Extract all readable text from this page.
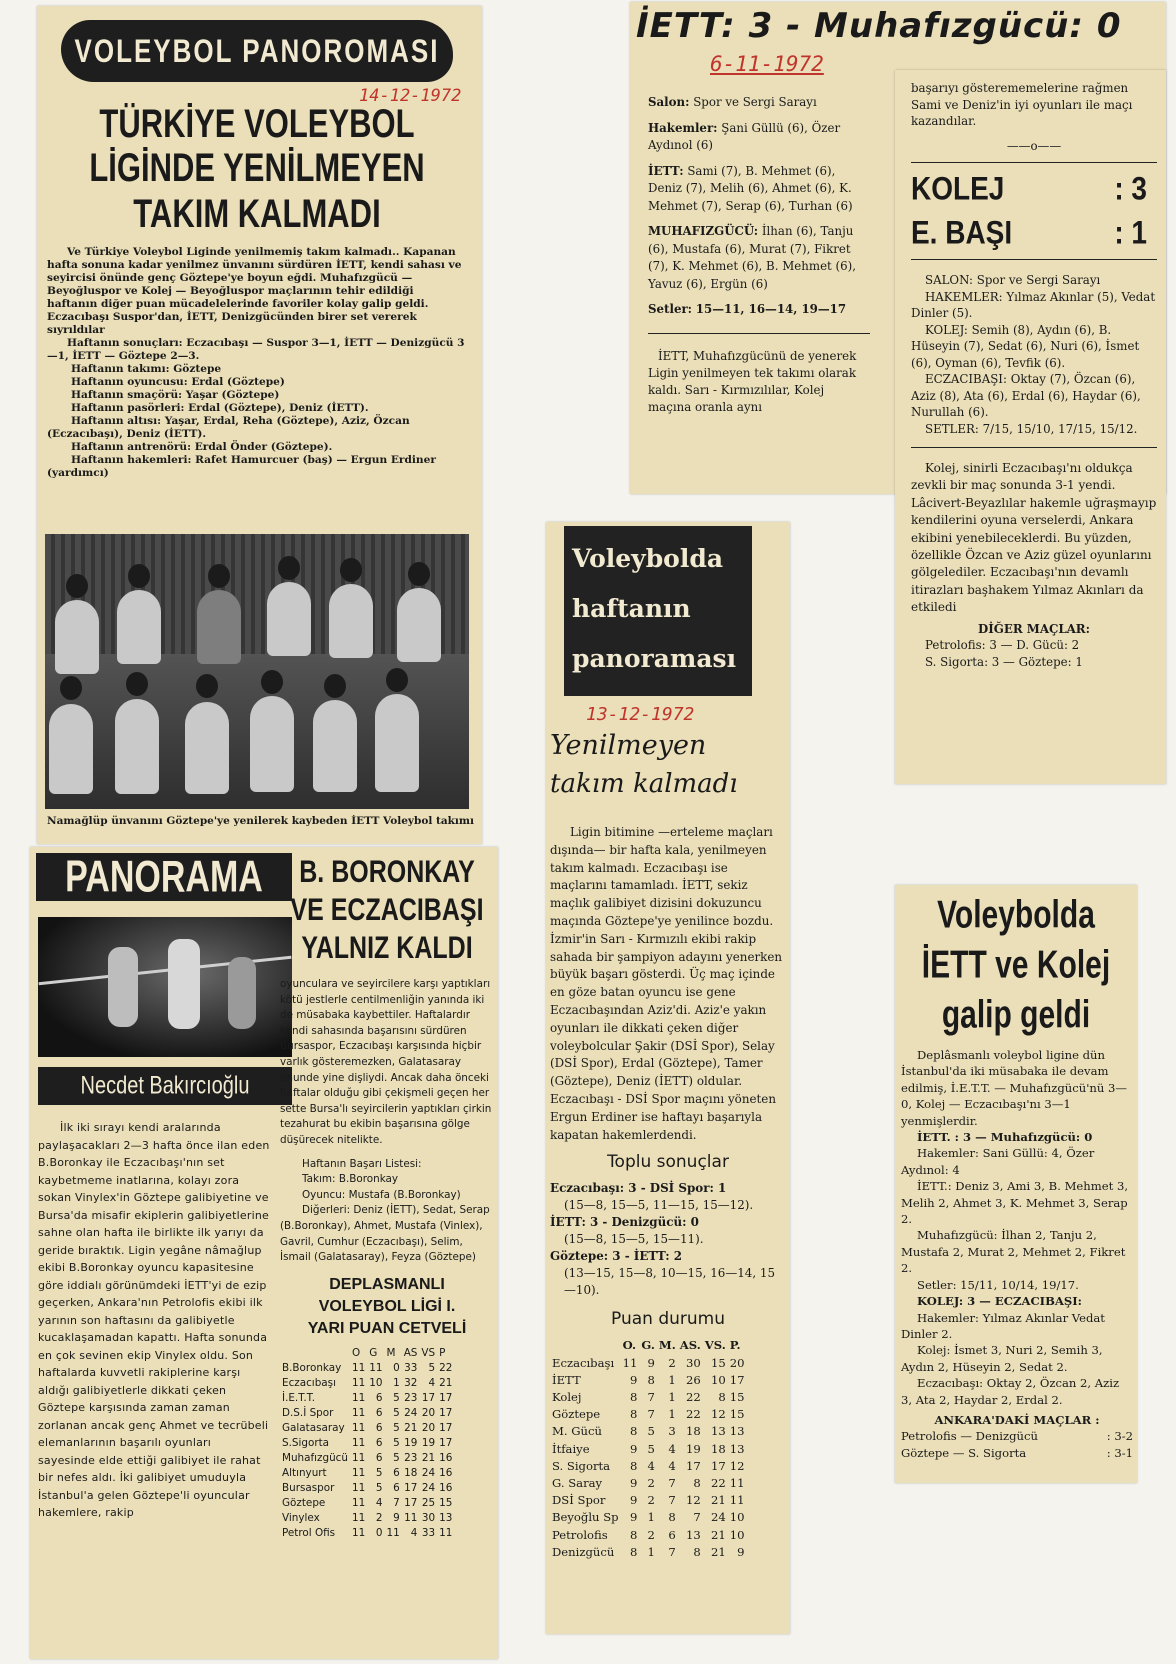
VOLEYBOL PANOROMASI
14-12-1972
TÜRKİYE VOLEYBOL
LİGİNDE YENİLMEYEN
TAKIM KALMADI

Ve Türkiye Voleybol Liginde yenilmemiş takım kalmadı.. Kapanan hafta sonuna kadar yenilmez ünvanını sürdüren İETT, kendi sahası ve seyircisi önünde genç Göztepe'ye boyun eğdi. Muhafızgücü — Beyoğluspor ve Kolej — Beyoğluspor maçlarının tehir edildiği haftanın diğer puan mücadelelerinde favoriler kolay galip geldi. Eczacıbaşı Suspor'dan, İETT, Denizgücünden birer set vererek sıyrıldılar

Haftanın sonuçları: Eczacıbaşı — Suspor 3—1, İETT — Denizgücü 3—1, İETT — Göztepe 2—3.

Haftanın takımı: Göztepe
Haftanın oyuncusu: Erdal (Göztepe)
Haftanın smaçörü: Yaşar (Göztepe)
Haftanın pasörleri: Erdal (Göztepe), Deniz (İETT).
Haftanın altısı: Yaşar, Erdal, Reha (Göztepe), Aziz, Özcan (Eczacıbaşı), Deniz (İETT).
Haftanın antrenörü: Erdal Önder (Göztepe).
Haftanın hakemleri: Rafet Hamurcuer (baş) — Ergun Erdiner (yardımcı)
Namağlüp ünvanını Göztepe'ye yenilerek kaybeden İETT Voleybol takımı
İETT: 3 - Muhafızgücü: 0
6-11-1972
Salon: Spor ve Sergi Sarayı
Hakemler: Şani Güllü (6), Özer Aydınol (6)
İETT: Sami (7), B. Mehmet (6), Deniz (7), Melih (6), Ahmet (6), K. Mehmet (7), Serap (6), Turhan (6)
MUHAFIZGÜCÜ: İlhan (6), Tanju (6), Mustafa (6), Murat (7), Fikret (7), K. Mehmet (6), B. Mehmet (6), Yavuz (6), Ergün (6)
Setler: 15—11, 16—14, 19—17

İETT, Muhafızgücünü de yenerek Ligin yenilmeyen tek takımı olarak kaldı. Sarı - Kırmızılılar, Kolej maçına oranla aynı

başarıyı gösterememelerine rağmen Sami ve Deniz'in iyi oyunları ile maçı kazandılar.

——o——
KOLEJ	: 3
E. BAŞI	: 1
SALON: Spor ve Sergi Sarayı
HAKEMLER: Yılmaz Akınlar (5), Vedat Dinler (5).
KOLEJ: Semih (8), Aydın (6), B. Hüseyin (7), Sedat (6), Nuri (6), İsmet (6), Oyman (6), Tevfik (6).
ECZACIBAŞI: Oktay (7), Özcan (6), Aziz (8), Ata (6), Erdal (6), Haydar (6), Nurullah (6).
SETLER: 7/15, 15/10, 17/15, 15/12.

Kolej, sinirli Eczacıbaşı'nı oldukça zevkli bir maç sonunda 3-1 yendi. Lâcivert-Beyazlılar hakemle uğraşmayıp kendilerini oyuna verselerdi, Ankara ekibini yenebileceklerdi. Bu yüzden, özellikle Özcan ve Aziz güzel oyunlarını gölgelediler. Eczacıbaşı'nın devamlı itirazları başhakem Yılmaz Akınları da etkiledi

DİĞER MAÇLAR:
Petrolofis: 3 — D. Gücü: 2
S. Sigorta: 3 — Göztepe: 1
PANORAMA
Necdet Bakırcıoğlu

İlk iki sırayı kendi aralarında paylaşacakları 2—3 hafta önce ilan eden B.Boronkay ile Eczacıbaşı'nın set kaybetmeme inatlarına, kolayı zora sokan Vinylex'in Göztepe galibiyetine ve Bursa'da misafir ekiplerin galibiyetlerine sahne olan hafta ile birlikte ilk yarıyı da geride bıraktık. Ligin yegâne nâmağlup ekibi B.Boronkay oyuncu kapasitesine göre iddialı görünümdeki İETT'yi de ezip geçerken, Ankara'nın Petrolofis ekibi ilk yarının son haftasını da galibiyetle kucaklaşamadan kapattı. Hafta sonunda en çok sevinen ekip Vinylex oldu. Son haftalarda kuvvetli rakiplerine karşı aldığı galibiyetlerle dikkati çeken Göztepe karşısında zaman zaman zorlanan ancak genç Ahmet ve tecrübeli elemanlarının başarılı oyunları sayesinde elde ettiği galibiyet ile rahat bir nefes aldı. İki galibiyet umuduyla İstanbul'a gelen Göztepe'li oyuncular hakemlere, rakip

B. BORONKAY
VE ECZACIBAŞI
YALNIZ KALDI

oyunculara ve seyircilere karşı yaptıkları kötü jestlerle centilmenliğin yanında iki de müsabaka kaybettiler. Haftalardır kendi sahasında başarısını sürdüren Bursaspor, Eczacıbaşı karşısında hiçbir varlık gösteremezken, Galatasaray onunde yine dişliydi. Ancak daha önceki haftalar olduğu gibi çekişmeli geçen her sette Bursa'lı seyircilerin yaptıkları çirkin tezahurat bu ekibin başarısına gölge düşürecek nitelikte.

Haftanın Başarı Listesi:
Takım: B.Boronkay
Oyuncu: Mustafa (B.Boronkay)
Diğerleri: Deniz (İETT), Sedat, Serap (B.Boronkay), Ahmet, Mustafa (Vinlex), Gavril, Cumhur (Eczacıbaşı), Selim, İsmail (Galatasaray), Feyza (Göztepe)
DEPLASMANLI
VOLEYBOL LİGİ I.
YARI PUAN CETVELİ
	O	G	M	AS	VS	P
B.Boronkay	11	11	0	33	5	22
Eczacıbaşı	11	10	1	32	4	21
İ.E.T.T.	11	6	5	23	17	17
D.S.İ Spor	11	6	5	24	20	17
Galatasaray	11	6	5	21	20	17
S.Sigorta	11	6	5	19	19	17
Muhafızgücü	11	6	5	23	21	16
Altınyurt	11	5	6	18	24	16
Bursaspor	11	5	6	17	24	16
Göztepe	11	4	7	17	25	15
Vinylex	11	2	9	11	30	13
Petrol Ofis	11	0	11	4	33	11
Voleybolda
haftanın
panoraması
13-12-1972
Yenilmeyen
takım kalmadı

Ligin bitimine —erteleme maçları dışında— bir hafta kala, yenilmeyen takım kalmadı. Eczacıbaşı ise maçlarını tamamladı. İETT, sekiz maçlık galibiyet dizisini dokuzuncu maçında Göztepe'ye yenilince bozdu. İzmir'in Sarı - Kırmızılı ekibi rakip sahada bir şampiyon adayını yenerken büyük başarı gösterdi. Üç maç içinde en göze batan oyuncu ise gene Eczacıbaşından Aziz'di. Aziz'e yakın oyunları ile dikkati çeken diğer voleybolcular Şakir (DSİ Spor), Selay (DSİ Spor), Erdal (Göztepe), Tamer (Göztepe), Deniz (İETT) oldular. Eczacıbaşı - DSİ Spor maçını yöneten Ergun Erdiner ise haftayı başarıyla kapatan hakemlerdendi.

Toplu sonuçlar
Eczacıbaşı: 3 - DSİ Spor: 1
(15—8, 15—5, 11—15, 15—12).
İETT: 3 - Denizgücü: 0
(15—8, 15—5, 15—11).
Göztepe: 3 - İETT: 2
(13—15, 15—8, 10—15, 16—14, 15—10).
Puan durumu
	O.	G.	M.	AS.	VS.	P.
Eczacıbaşı	11	9	2	30	15	20
İETT	9	8	1	26	10	17
Kolej	8	7	1	22	8	15
Göztepe	8	7	1	22	12	15
M. Gücü	8	5	3	18	13	13
İtfaiye	9	5	4	19	18	13
S. Sigorta	8	4	4	17	17	12
G. Saray	9	2	7	8	22	11
DSİ Spor	9	2	7	12	21	11
Beyoğlu Sp	9	1	8	7	24	10
Petrolofis	8	2	6	13	21	10
Denizgücü	8	1	7	8	21	9
Voleybolda
İETT ve Kolej
galip geldi

Deplâsmanlı voleybol ligine dün İstanbul'da iki müsabaka ile devam edilmiş, İ.E.T.T. — Muhafızgücü'nü 3—0, Kolej — Eczacıbaşı'nı 3—1 yenmişlerdir.

İETT. : 3 — Muhafızgücü: 0
Hakemler: Sani Güllü: 4, Özer Aydınol: 4
İETT.: Deniz 3, Ami 3, B. Mehmet 3, Melih 2, Ahmet 3, K. Mehmet 3, Serap 2.
Muhafızgücü: İlhan 2, Tanju 2, Mustafa 2, Murat 2, Mehmet 2, Fikret 2.
Setler: 15/11, 10/14, 19/17.
KOLEJ: 3 — ECZACIBAŞI:
Hakemler: Yılmaz Akınlar Vedat Dinler 2.
Kolej: İsmet 3, Nuri 2, Semih 3, Aydın 2, Hüseyin 2, Sedat 2.
Eczacıbaşı: Oktay 2, Özcan 2, Aziz 3, Ata 2, Haydar 2, Erdal 2.
ANKARA'DAKİ MAÇLAR :
Petrolofis — Denizgücü	: 3-2
Göztepe — S. Sigorta	: 3-1
